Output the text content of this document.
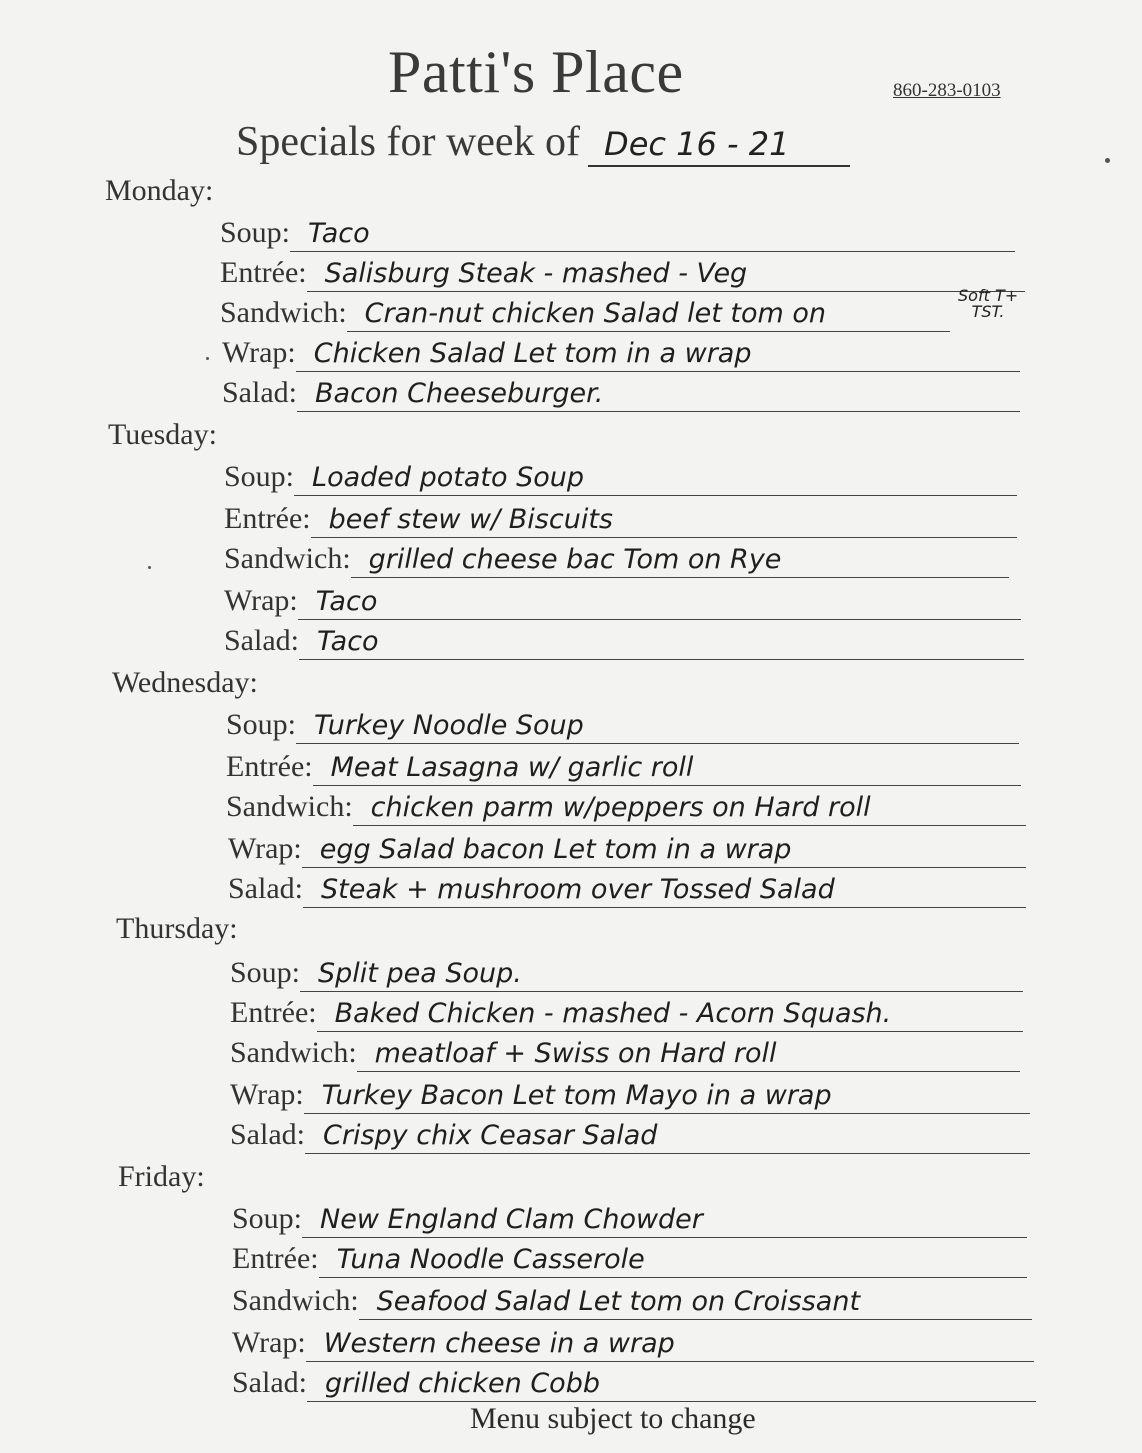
Patti's Place	860-283-0103
Specials for week of Dec 16 - 21
Monday:
Soup: Taco
Entrée: Salisburg Steak - mashed - Veg
Sandwich: Cran-nut chicken Salad let tom on
Soft T+
TST.
Wrap: Chicken Salad Let tom in a wrap
Salad: Bacon Cheeseburger.
Tuesday:
Soup: Loaded potato Soup
Entrée: beef stew w/ Biscuits
Sandwich: grilled cheese bac Tom on Rye
Wrap: Taco
Salad: Taco
Wednesday:
Soup: Turkey Noodle Soup
Entrée: Meat Lasagna w/ garlic roll
Sandwich: chicken parm w/peppers on Hard roll
Wrap: egg Salad bacon Let tom in a wrap
Salad: Steak + mushroom over Tossed Salad
Thursday:
Soup: Split pea Soup.
Entrée: Baked Chicken - mashed - Acorn Squash.
Sandwich: meatloaf + Swiss on Hard roll
Wrap: Turkey Bacon Let tom Mayo in a wrap
Salad: Crispy chix Ceasar Salad
Friday:
Soup: New England Clam Chowder
Entrée: Tuna Noodle Casserole
Sandwich: Seafood Salad Let tom on Croissant
Wrap: Western cheese in a wrap
Salad: grilled chicken Cobb
Menu subject to change
